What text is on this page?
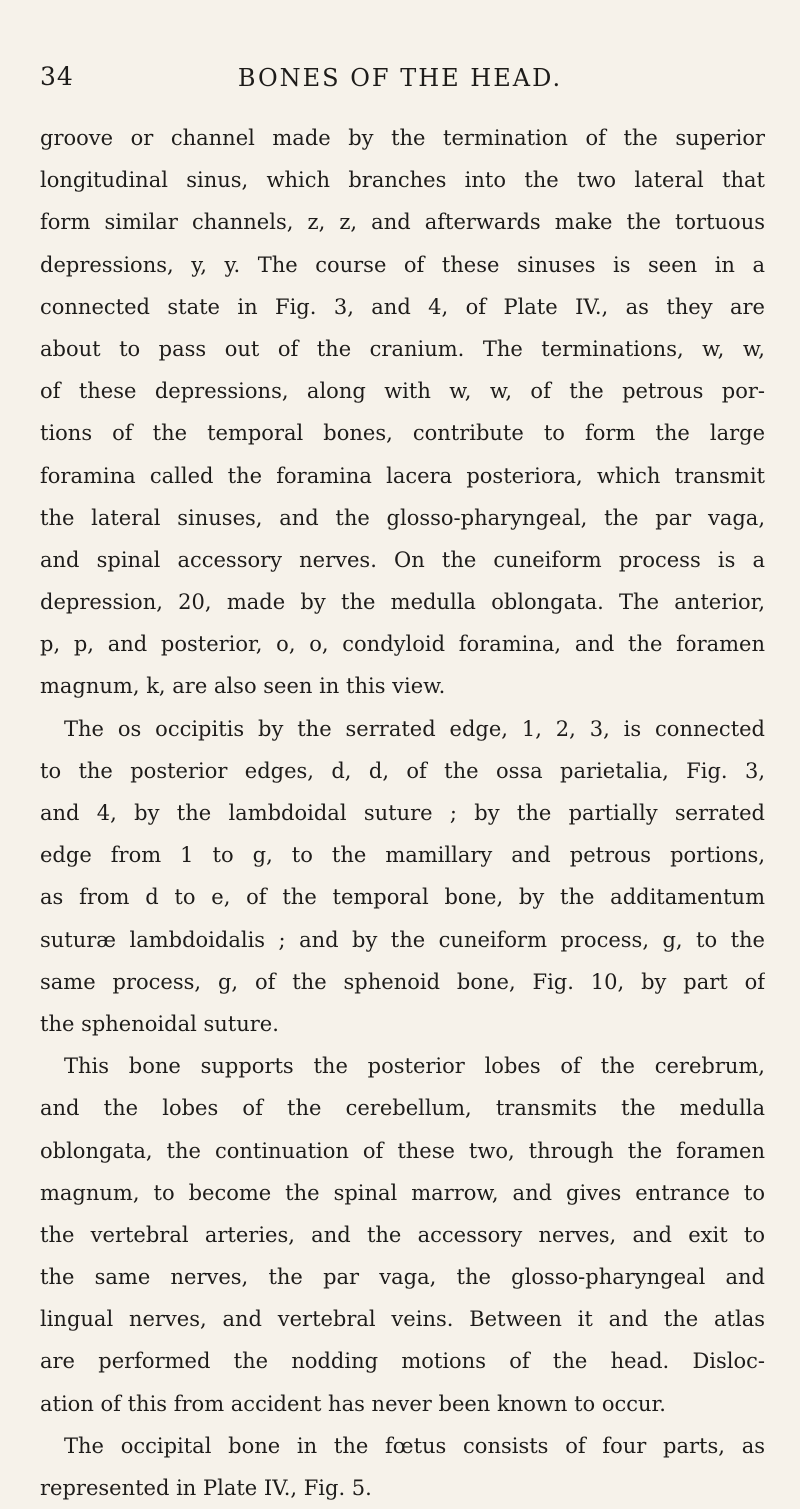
34	BONES OF THE HEAD.
groove or channel made by the termination of the superior
longitudinal sinus, which branches into the two lateral that
form similar channels, z, z, and afterwards make the tortuous
depressions, y, y. The course of these sinuses is seen in a
connected state in Fig. 3, and 4, of Plate IV., as they are
about to pass out of the cranium. The terminations, w, w,
of these depressions, along with w, w, of the petrous por-
tions of the temporal bones, contribute to form the large
foramina called the foramina lacera posteriora, which transmit
the lateral sinuses, and the glosso-pharyngeal, the par vaga,
and spinal accessory nerves. On the cuneiform process is a
depression, 20, made by the medulla oblongata. The anterior,
p, p, and posterior, o, o, condyloid foramina, and the foramen
magnum, k, are also seen in this view.
The os occipitis by the serrated edge, 1, 2, 3, is connected
to the posterior edges, d, d, of the ossa parietalia, Fig. 3,
and 4, by the lambdoidal suture ; by the partially serrated
edge from 1 to g, to the mamillary and petrous portions,
as from d to e, of the temporal bone, by the additamentum
suturæ lambdoidalis ; and by the cuneiform process, g, to the
same process, g, of the sphenoid bone, Fig. 10, by part of
the sphenoidal suture.
This bone supports the posterior lobes of the cerebrum,
and the lobes of the cerebellum, transmits the medulla
oblongata, the continuation of these two, through the foramen
magnum, to become the spinal marrow, and gives entrance to
the vertebral arteries, and the accessory nerves, and exit to
the same nerves, the par vaga, the glosso-pharyngeal and
lingual nerves, and vertebral veins. Between it and the atlas
are performed the nodding motions of the head. Disloc-
ation of this from accident has never been known to occur.
The occipital bone in the fœtus consists of four parts, as
represented in Plate IV., Fig. 5.
